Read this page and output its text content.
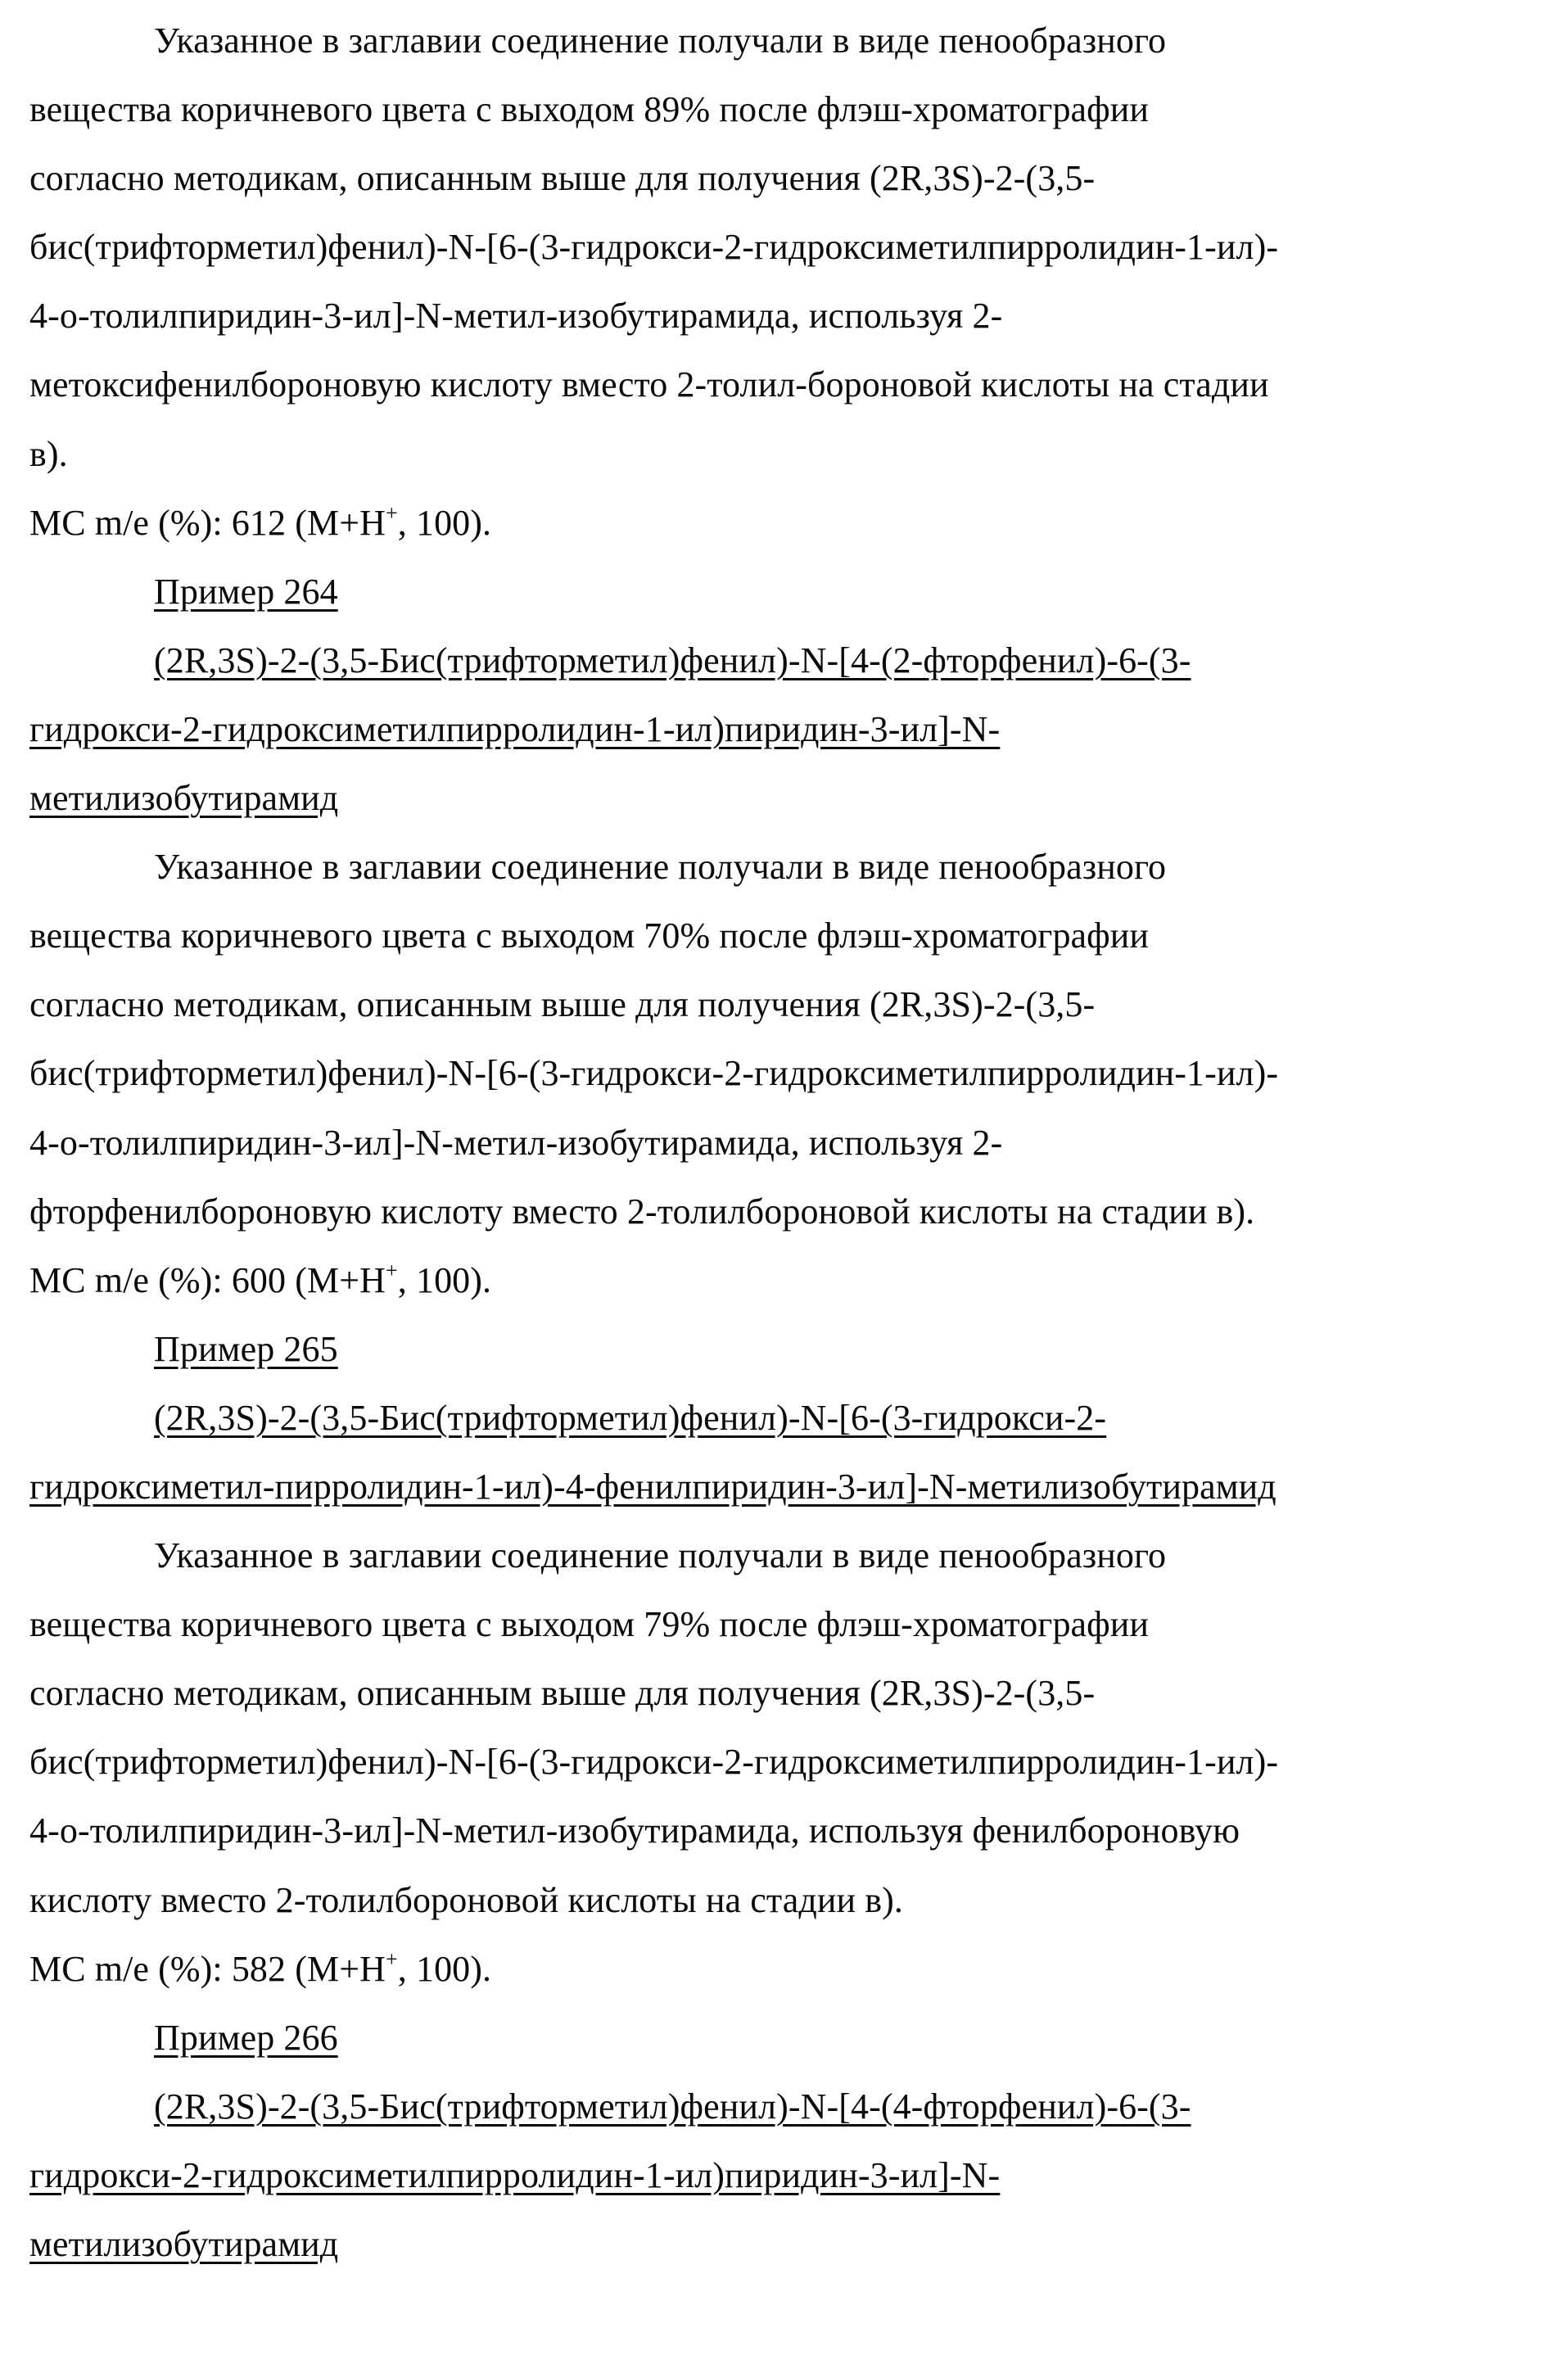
Указанное в заглавии соединение получали в виде пенообразного
вещества коричневого цвета с выходом 89% после флэш-хроматографии
согласно методикам, описанным выше для получения (2R,3S)-2-(3,5-
бис(трифторметил)фенил)-N-[6-(3-гидрокси-2-гидроксиметилпирролидин-1-ил)-
4-о-толилпиридин-3-ил]-N-метил-изобутирамида, используя 2-
метоксифенилбороновую кислоту вместо 2-толил-бороновой кислоты на стадии
в).
МС m/e (%): 612 (M+H+, 100).
Пример 264
(2R,3S)-2-(3,5-Бис(трифторметил)фенил)-N-[4-(2-фторфенил)-6-(3-
гидрокси-2-гидроксиметилпирролидин-1-ил)пиридин-3-ил]-N-
метилизобутирамид
Указанное в заглавии соединение получали в виде пенообразного
вещества коричневого цвета с выходом 70% после флэш-хроматографии
согласно методикам, описанным выше для получения (2R,3S)-2-(3,5-
бис(трифторметил)фенил)-N-[6-(3-гидрокси-2-гидроксиметилпирролидин-1-ил)-
4-о-толилпиридин-3-ил]-N-метил-изобутирамида, используя 2-
фторфенилбороновую кислоту вместо 2-толилбороновой кислоты на стадии в).
МС m/e (%): 600 (M+H+, 100).
Пример 265
(2R,3S)-2-(3,5-Бис(трифторметил)фенил)-N-[6-(3-гидрокси-2-
гидроксиметил-пирролидин-1-ил)-4-фенилпиридин-3-ил]-N-метилизобутирамид
Указанное в заглавии соединение получали в виде пенообразного
вещества коричневого цвета с выходом 79% после флэш-хроматографии
согласно методикам, описанным выше для получения (2R,3S)-2-(3,5-
бис(трифторметил)фенил)-N-[6-(3-гидрокси-2-гидроксиметилпирролидин-1-ил)-
4-о-толилпиридин-3-ил]-N-метил-изобутирамида, используя фенилбороновую
кислоту вместо 2-толилбороновой кислоты на стадии в).
МС m/e (%): 582 (M+H+, 100).
Пример 266
(2R,3S)-2-(3,5-Бис(трифторметил)фенил)-N-[4-(4-фторфенил)-6-(3-
гидрокси-2-гидроксиметилпирролидин-1-ил)пиридин-3-ил]-N-
метилизобутирамид
